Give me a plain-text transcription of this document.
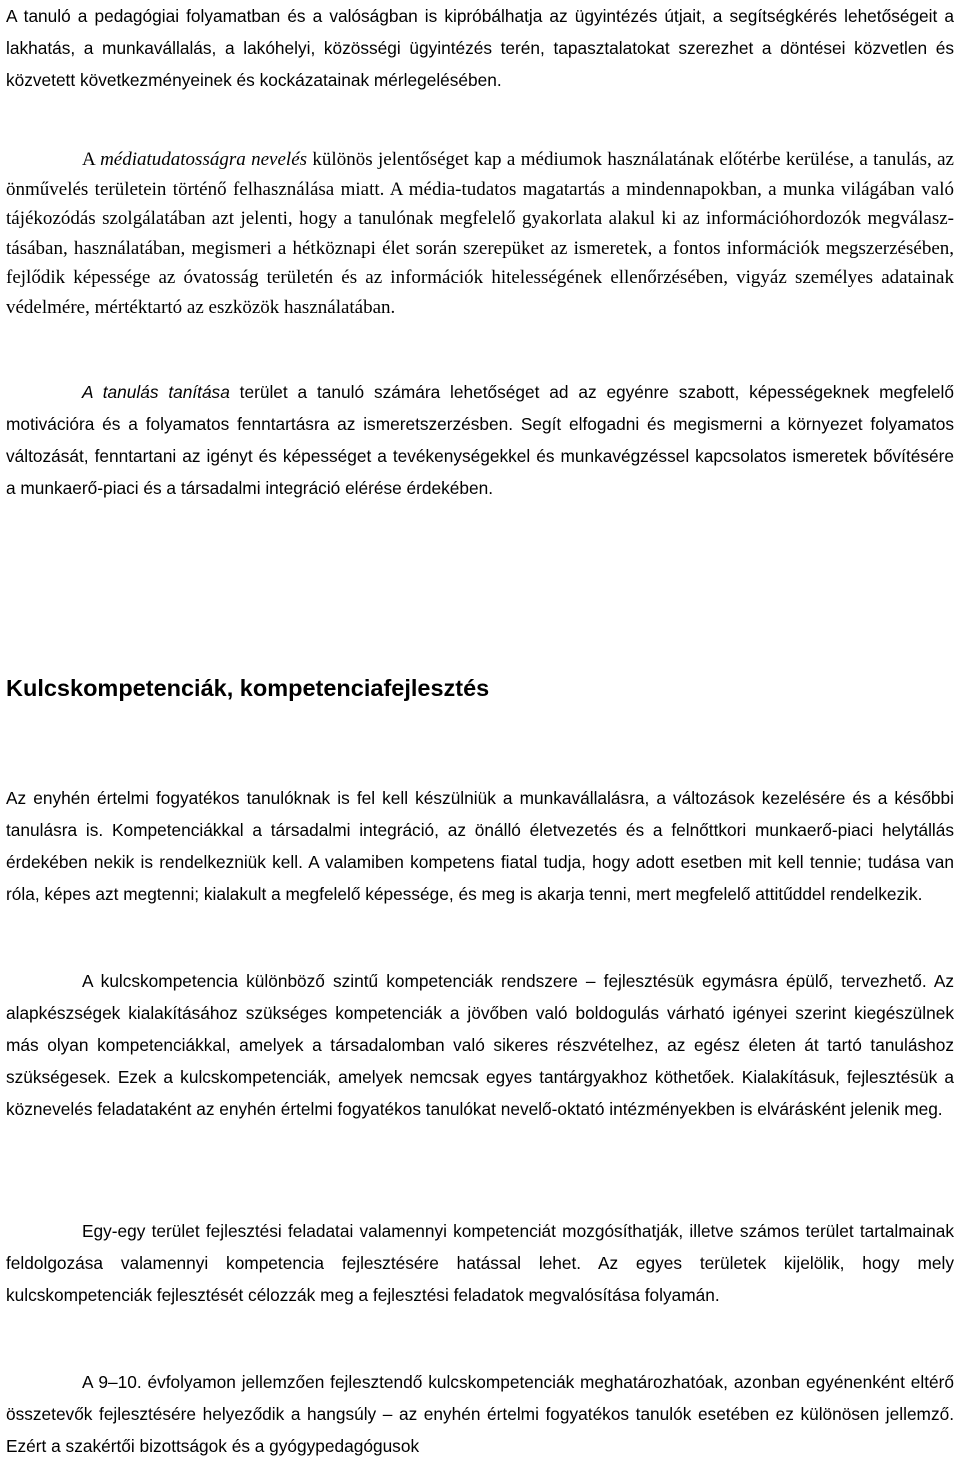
A tanuló a pedagógiai folyamatban és a valóságban is kipróbálhatja az ügyintézés útjait, a segítségkérés lehetőségeit a lakhatás, a munkavállalás, a lakóhelyi, közösségi ügyintézés terén, tapasztalatokat szerezhet a döntései közvetlen és közvetett következményeinek és kockázatainak mérlegelésében.

A médiatudatosságra nevelés különös jelentőséget kap a médiumok használatának előtérbe kerülése, a tanulás, az önművelés területein történő felhasználása miatt. A média-tudatos magatartás a mindennapokban, a munka világában való tájékozódás szolgálatában azt jelenti, hogy a tanulónak megfelelő gyakorlata alakul ki az információhordozók megválasz-tásában, használatában, megismeri a hétköznapi élet során szerepüket az ismeretek, a fontos információk megszerzésében, fejlődik képessége az óvatosság területén és az információk hitelességének ellenőrzésében, vigyáz személyes adatainak védelmére, mértéktartó az eszközök használatában.

A tanulás tanítása terület a tanuló számára lehetőséget ad az egyénre szabott, képességeknek megfelelő motivációra és a folyamatos fenntartásra az ismeretszerzésben. Segít elfogadni és megismerni a környezet folyamatos változását, fenntartani az igényt és képességet a tevékenységekkel és munkavégzéssel kapcsolatos ismeretek bővítésére a munkaerő-piaci és a társadalmi integráció elérése érdekében.

Kulcskompetenciák, kompetenciafejlesztés

Az enyhén értelmi fogyatékos tanulóknak is fel kell készülniük a munkavállalásra, a változások kezelésére és a későbbi tanulásra is. Kompetenciákkal a társadalmi integráció, az önálló életvezetés és a felnőttkori munkaerő-piaci helytállás érdekében nekik is rendelkezniük kell. A valamiben kompetens fiatal tudja, hogy adott esetben mit kell tennie; tudása van róla, képes azt megtenni; kialakult a megfelelő képessége, és meg is akarja tenni, mert megfelelő attitűddel rendelkezik.

A kulcskompetencia különböző szintű kompetenciák rendszere – fejlesztésük egymásra épülő, tervezhető. Az alapkészségek kialakításához szükséges kompetenciák a jövőben való boldogulás várható igényei szerint kiegészülnek más olyan kompetenciákkal, amelyek a társadalomban való sikeres részvételhez, az egész életen át tartó tanuláshoz szükségesek. Ezek a kulcskompetenciák, amelyek nemcsak egyes tantárgyakhoz köthetőek. Kialakításuk, fejlesztésük a köznevelés feladataként az enyhén értelmi fogyatékos tanulókat nevelő-oktató intézményekben is elvárásként jelenik meg.

Egy-egy terület fejlesztési feladatai valamennyi kompetenciát mozgósíthatják, illetve számos terület tartalmainak feldolgozása valamennyi kompetencia fejlesztésére hatással lehet. Az egyes területek kijelölik, hogy mely kulcskompetenciák fejlesztését célozzák meg a fejlesztési feladatok megvalósítása folyamán.

A 9–10. évfolyamon jellemzően fejlesztendő kulcskompetenciák meghatározhatóak, azonban egyénenként eltérő összetevők fejlesztésére helyeződik a hangsúly – az enyhén értelmi fogyatékos tanulók esetében ez különösen jellemző. Ezért a szakértői bizottságok és a gyógypedagógusok
